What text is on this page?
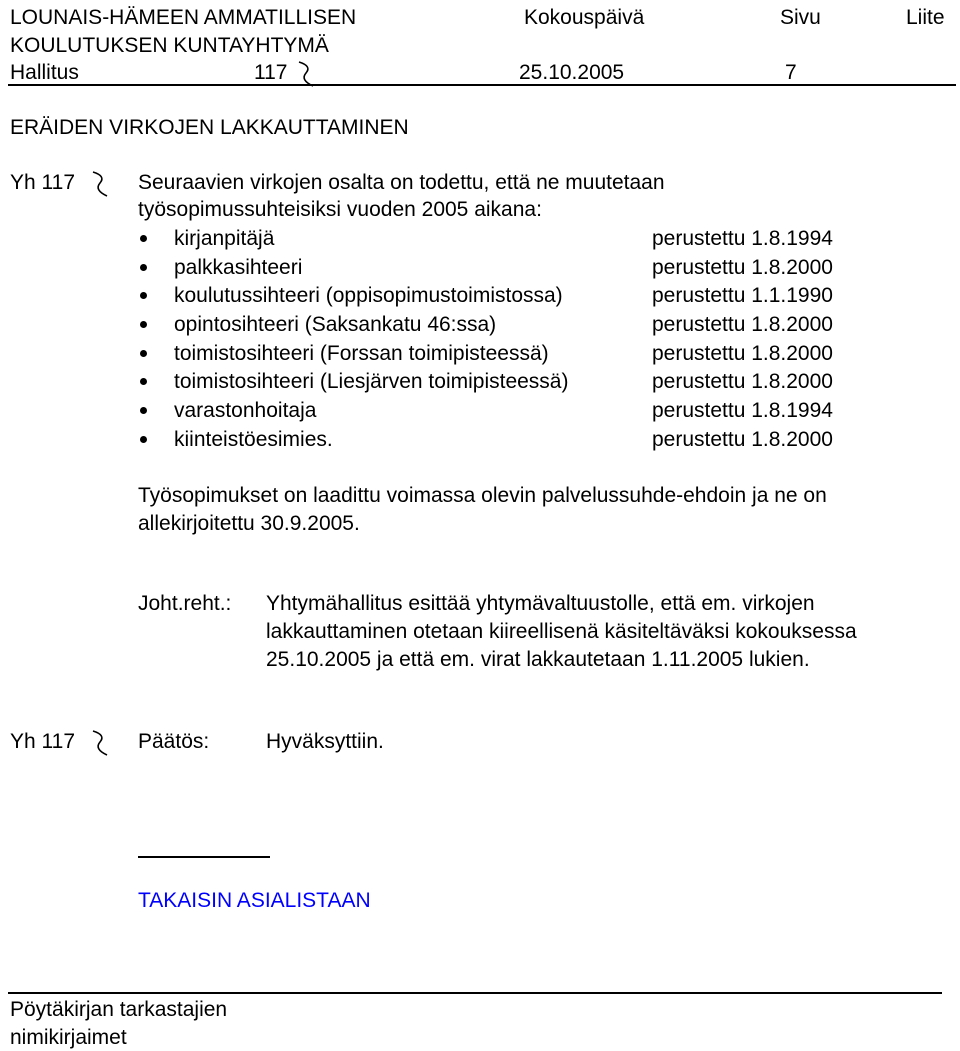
LOUNAIS-HÄMEEN AMMATILLISEN	Kokouspäivä	Sivu	Liite
KOULUTUKSEN KUNTAYHTYMÄ
Hallitus	117	25.10.2005	7
ERÄIDEN VIRKOJEN LAKKAUTTAMINEN
Yh 117	Seuraavien virkojen osalta on todettu, että ne muutetaan
työsopimussuhteisiksi vuoden 2005 aikana:
kirjanpitäjä	perustettu 1.8.1994
palkkasihteeri	perustettu 1.8.2000
koulutussihteeri (oppisopimustoimistossa)	perustettu 1.1.1990
opintosihteeri (Saksankatu 46:ssa)	perustettu 1.8.2000
toimistosihteeri (Forssan toimipisteessä)	perustettu 1.8.2000
toimistosihteeri (Liesjärven toimipisteessä)	perustettu 1.8.2000
varastonhoitaja	perustettu 1.8.1994
kiinteistöesimies.	perustettu 1.8.2000
Työsopimukset on laadittu voimassa olevin palvelussuhde-ehdoin ja ne on
allekirjoitettu 30.9.2005.
Joht.reht.: Yhtymähallitus esittää yhtymävaltuustolle, että em. virkojen
lakkauttaminen otetaan kiireellisenä käsiteltäväksi kokouksessa
25.10.2005 ja että em. virat lakkautetaan 1.11.2005 lukien.
Yh 117	Päätös:	Hyväksyttiin.
TAKAISIN ASIALISTAAN
Pöytäkirjan tarkastajien
nimikirjaimet
